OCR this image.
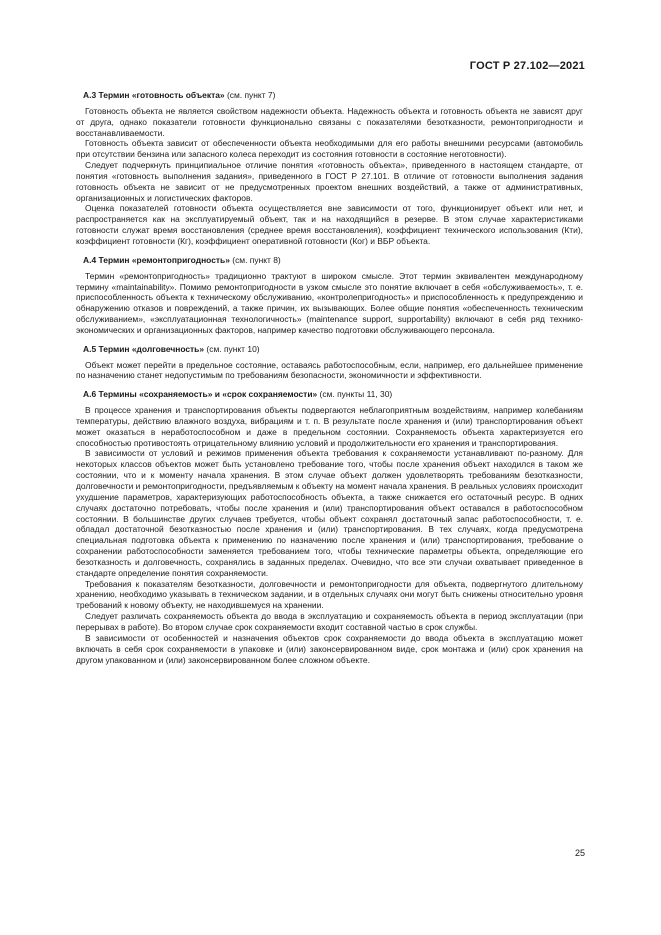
ГОСТ Р 27.102—2021

А.3 Термин «готовность объекта» (см. пункт 7)

Готовность объекта не является свойством надежности объекта. Надежность объекта и готовность объекта не зависят друг от друга, однако показатели готовности функционально связаны с показателями безотказности, ремонтопригодности и восстанавливаемости.

Готовность объекта зависит от обеспеченности объекта необходимыми для его работы внешними ресурсами (автомобиль при отсутствии бензина или запасного колеса переходит из состояния готовности в состояние неготовности).

Следует подчеркнуть принципиальное отличие понятия «готовность объекта», приведенного в настоящем стандарте, от понятия «готовность выполнения задания», приведенного в ГОСТ Р 27.101. В отличие от готовности выполнения задания готовность объекта не зависит от не предусмотренных проектом внешних воздействий, а также от административных, организационных и логистических факторов.

Оценка показателей готовности объекта осуществляется вне зависимости от того, функционирует объект или нет, и распространяется как на эксплуатируемый объект, так и на находящийся в резерве. В этом случае характеристиками готовности служат время восстановления (среднее время восстановления), коэффициент технического использования (Кти), коэффициент готовности (Кг), коэффициент оперативной готовности (Ког) и ВБР объекта.

А.4 Термин «ремонтопригодность» (см. пункт 8)

Термин «ремонтопригодность» традиционно трактуют в широком смысле. Этот термин эквивалентен международному термину «maintainability». Помимо ремонтопригодности в узком смысле это понятие включает в себя «обслуживаемость», т. е. приспособленность объекта к техническому обслуживанию, «контролепригодность» и приспособленность к предупреждению и обнаружению отказов и повреждений, а также причин, их вызывающих. Более общие понятия «обеспеченность техническим обслуживанием», «эксплуатационная технологичность» (maintenance support, supportability) включают в себя ряд технико-экономических и организационных факторов, например качество подготовки обслуживающего персонала.

А.5 Термин «долговечность» (см. пункт 10)

Объект может перейти в предельное состояние, оставаясь работоспособным, если, например, его дальнейшее применение по назначению станет недопустимым по требованиям безопасности, экономичности и эффективности.

А.6 Термины «сохраняемость» и «срок сохраняемости» (см. пункты 11, 30)

В процессе хранения и транспортирования объекты подвергаются неблагоприятным воздействиям, например колебаниям температуры, действию влажного воздуха, вибрациям и т. п. В результате после хранения и (или) транспортирования объект может оказаться в неработоспособном и даже в предельном состоянии. Сохраняемость объекта характеризуется его способностью противостоять отрицательному влиянию условий и продолжительности его хранения и транспортирования.

В зависимости от условий и режимов применения объекта требования к сохраняемости устанавливают по-разному. Для некоторых классов объектов может быть установлено требование того, чтобы после хранения объект находился в таком же состоянии, что и к моменту начала хранения. В этом случае объект должен удовлетворять требованиям безотказности, долговечности и ремонтопригодности, предъявляемым к объекту на момент начала хранения. В реальных условиях происходит ухудшение параметров, характеризующих работоспособность объекта, а также снижается его остаточный ресурс. В одних случаях достаточно потребовать, чтобы после хранения и (или) транспортирования объект оставался в работоспособном состоянии. В большинстве других случаев требуется, чтобы объект сохранял достаточный запас работоспособности, т. е. обладал достаточной безотказностью после хранения и (или) транспортирования. В тех случаях, когда предусмотрена специальная подготовка объекта к применению по назначению после хранения и (или) транспортирования, требование о сохранении работоспособности заменяется требованием того, чтобы технические параметры объекта, определяющие его безотказность и долговечность, сохранялись в заданных пределах. Очевидно, что все эти случаи охватывает приведенное в стандарте определение понятия сохраняемости.

Требования к показателям безотказности, долговечности и ремонтопригодности для объекта, подвергнутого длительному хранению, необходимо указывать в техническом задании, и в отдельных случаях они могут быть снижены относительно уровня требований к новому объекту, не находившемуся на хранении.

Следует различать сохраняемость объекта до ввода в эксплуатацию и сохраняемость объекта в период эксплуатации (при перерывах в работе). Во втором случае срок сохраняемости входит составной частью в срок службы.

В зависимости от особенностей и назначения объектов срок сохраняемости до ввода объекта в эксплуатацию может включать в себя срок сохраняемости в упаковке и (или) законсервированном виде, срок монтажа и (или) срок хранения на другом упакованном и (или) законсервированном более сложном объекте.

25
